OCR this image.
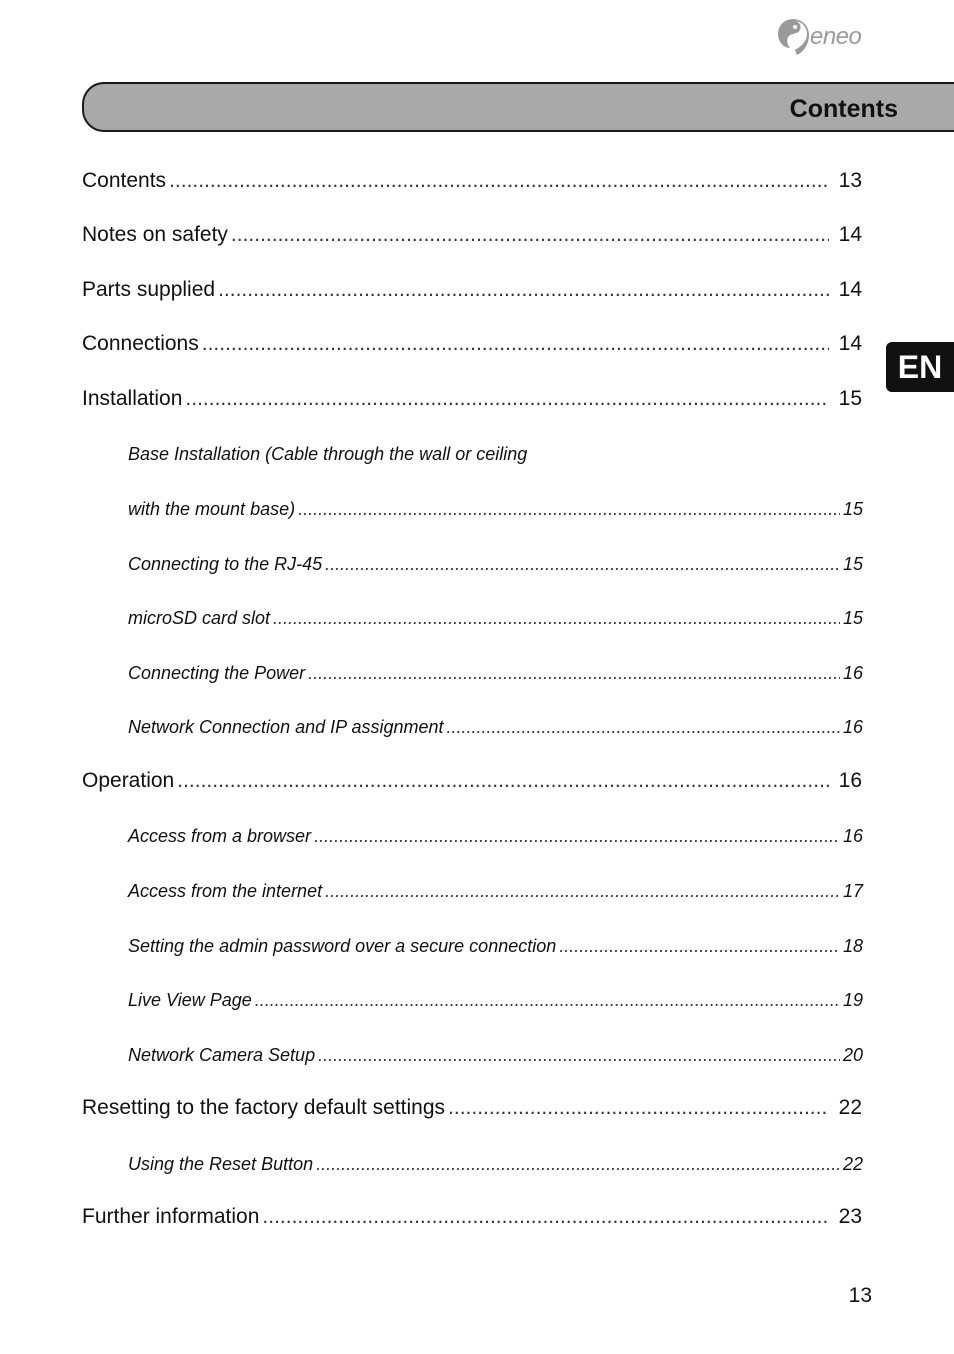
eneo
Contents
EN
Contents .....	13
Notes on safety .....	14
Parts supplied .....	14
Connections .....	14
Installation .....	15
Base Installation (Cable through the wall or ceiling
with the mount base) .....	15
Connecting to the RJ-45 .....	15
microSD card slot .....	15
Connecting the Power .....	16
Network Connection and IP assignment .....	16
Operation .....	16
Access from a browser .....	16
Access from the internet .....	17
Setting the admin password over a secure connection .....	18
Live View Page .....	19
Network Camera Setup .....	20
Resetting to the factory default settings .....	22
Using the Reset Button .....	22
Further information .....	23
13
